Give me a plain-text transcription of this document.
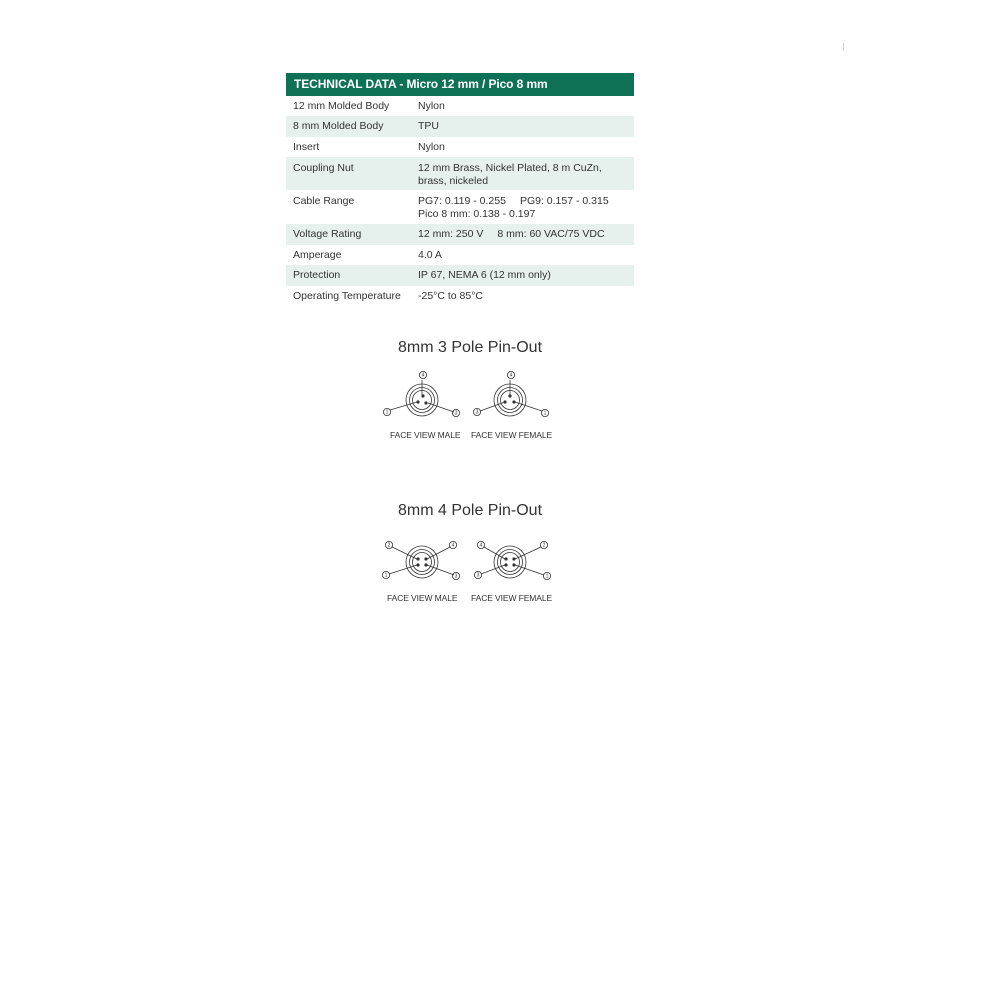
TECHNICAL DATA - Micro 12 mm / Pico 8 mm
12 mm Molded Body	Nylon
8 mm Molded Body	TPU
Insert	Nylon
Coupling Nut	12 mm Brass, Nickel Plated, 8 m CuZn,
brass, nickeled
Cable Range	PG7: 0.119 - 0.255 PG9: 0.157 - 0.315
Pico 8 mm: 0.138 - 0.197
Voltage Rating	12 mm: 250 V 8 mm: 60 VAC/75 VDC
Amperage	4.0 A
Protection	IP 67, NEMA 6 (12 mm only)
Operating Temperature	-25°C to 85°C
8mm 3 Pole Pin-Out
4
1	3
4
3	1
FACE VIEW MALE FACE VIEW FEMALE
8mm 4 Pole Pin-Out
2	4
1	3
4	2
3	1
FACE VIEW MALE FACE VIEW FEMALE
